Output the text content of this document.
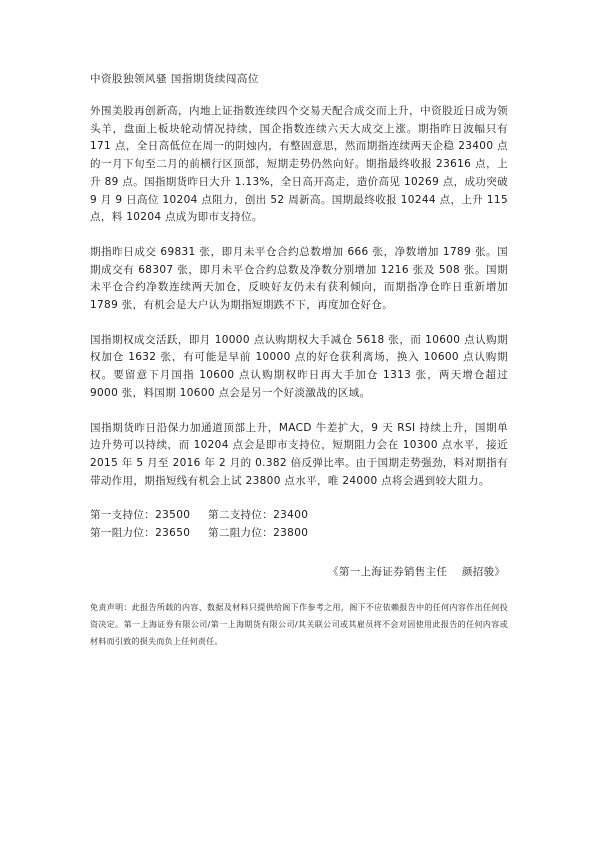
中资股独领风骚 国指期货续闯高位

外围美股再创新高，内地上证指数连续四个交易天配合成交而上升，中资股近日成为领头羊，盘面上板块轮动情况持续，国企指数连续六天大成交上涨。期指昨日波幅只有 171 点，全日高低位在周一的阴烛内，有整固意思，然而期指连续两天企稳 23400 点的一月下旬至二月的前横行区顶部，短期走势仍然向好。期指最终收报 23616 点，上升 89 点。国指期货昨日大升 1.13%，全日高开高走，造价高见 10269 点，成功突破 9 月 9 日高位 10204 点阻力，创出 52 周新高。国期最终收报 10244 点，上升 115 点，料 10204 点成为即市支持位。

期指昨日成交 69831 张，即月未平仓合约总数增加 666 张，净数增加 1789 张。国期成交有 68307 张，即月未平仓合约总数及净数分别增加 1216 张及 508 张。国期未平仓合约净数连续两天加仓，反映好友仍未有获利倾向，而期指净仓昨日重新增加 1789 张，有机会是大户认为期指短期跌不下，再度加仓好仓。

国指期权成交活跃，即月 10000 点认购期权大手减仓 5618 张，而 10600 点认购期权加仓 1632 张，有可能是早前 10000 点的好仓获利离场，换入 10600 点认购期权。要留意下月国指 10600 点认购期权昨日再大手加仓 1313 张，两天增仓超过 9000 张，料国期 10600 点会是另一个好淡激战的区域。

国指期货昨日沿保力加通道顶部上升，MACD 牛差扩大，9 天 RSI 持续上升，国期单边升势可以持续，而 10204 点会是即市支持位，短期阻力会在 10300 点水平，接近 2015 年 5 月至 2016 年 2 月的 0.382 倍反弹比率。由于国期走势强劲，料对期指有带动作用，期指短线有机会上试 23800 点水平，唯 24000 点将会遇到较大阻力。

第一支持位：23500 第二支持位：23400
第一阻力位：23650 第二阻力位：23800

《第一上海证券销售主任　 颜招骏》

免责声明：此报告所载的内容、数据及材料只提供给阁下作参考之用，阁下不应依赖报告中的任何内容作出任何投资决定。第一上海证券有限公司/第一上海期货有限公司/其关联公司或其雇员将不会对因使用此报告的任何内容或材料而引致的损失而负上任何责任。
